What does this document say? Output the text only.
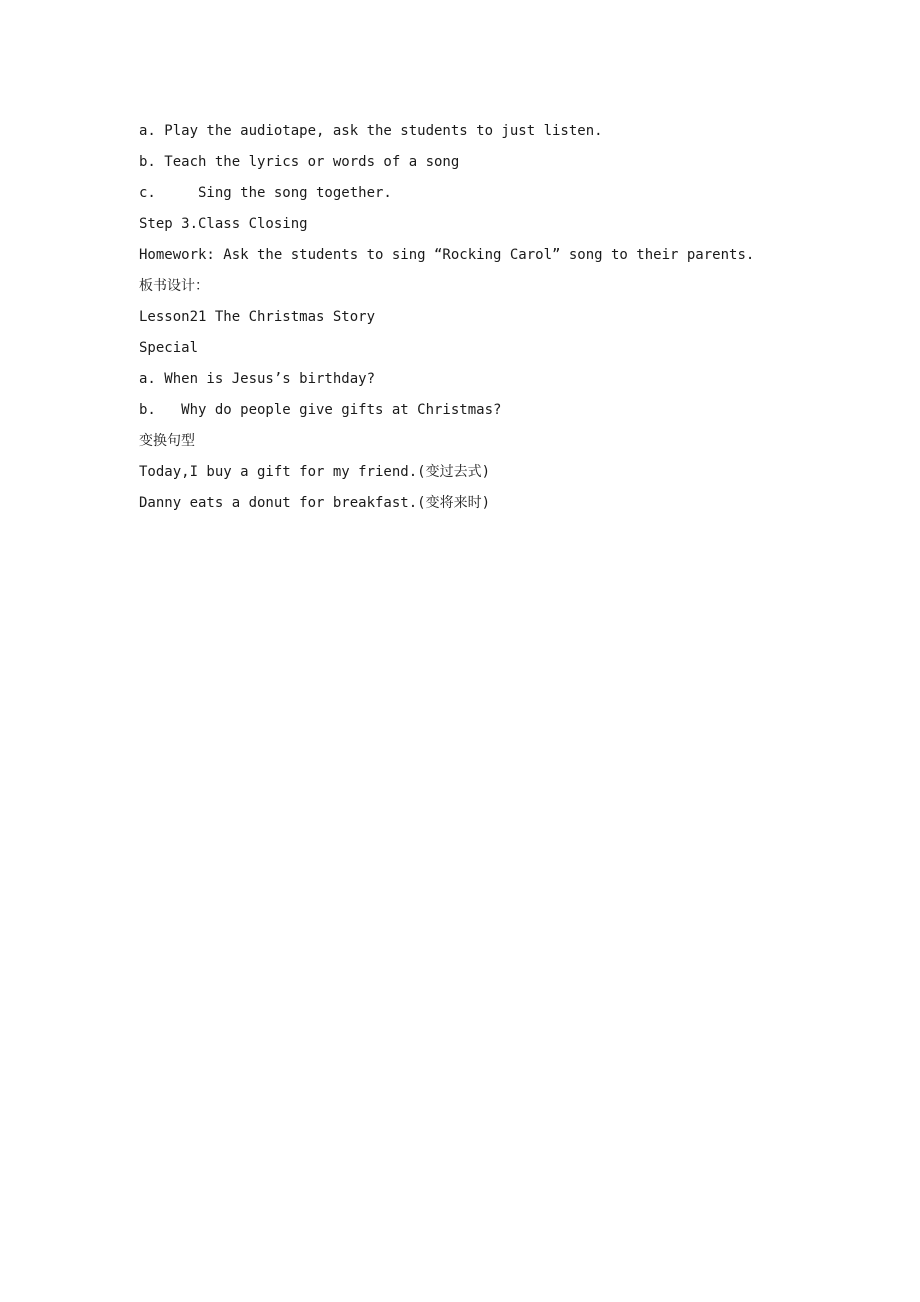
a. Play the audiotape, ask the students to just listen.
b. Teach the lyrics or words of a song
c.     Sing the song together.
Step 3.Class Closing
Homework: Ask the students to sing “Rocking Carol” song to their parents.
板书设计：
Lesson21 The Christmas Story
Special
a. When is Jesus’s birthday?
b.   Why do people give gifts at Christmas?
变换句型
Today,I buy a gift for my friend.(变过去式)
Danny eats a donut for breakfast.(变将来时)
